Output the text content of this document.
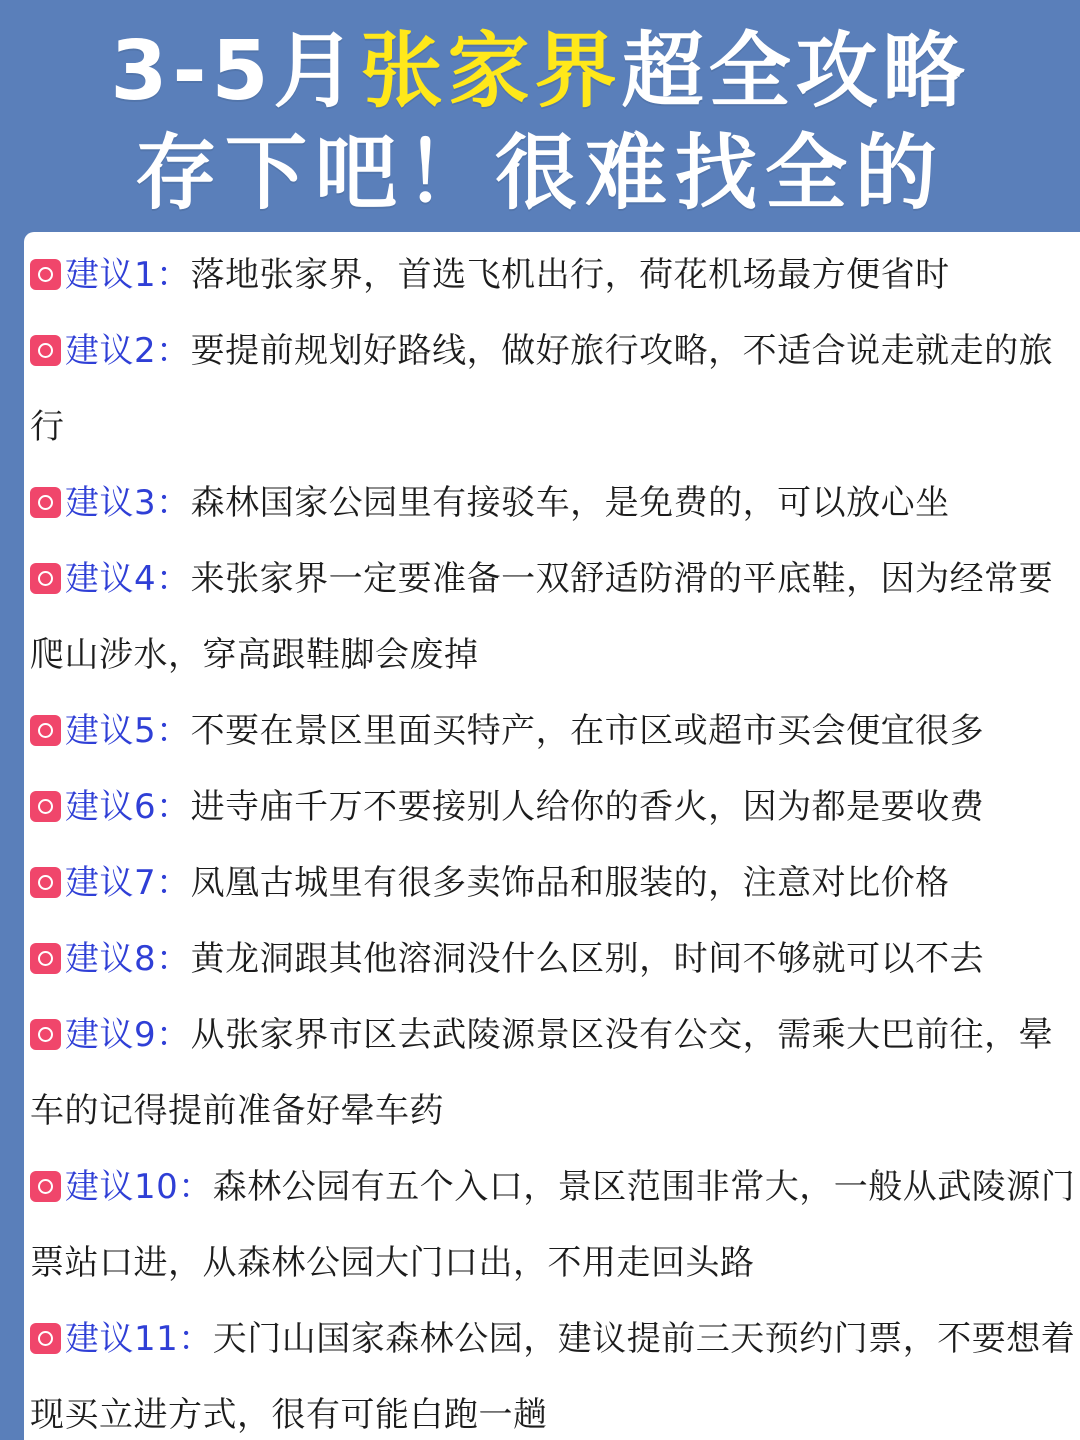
3-5月张家界超全攻略
存下吧！很难找全的

建议1：落地张家界，首选飞机出行，荷花机场最方便省时

建议2：要提前规划好路线，做好旅行攻略，不适合说走就走的旅行

建议3：森林国家公园里有接驳车，是免费的，可以放心坐

建议4：来张家界一定要准备一双舒适防滑的平底鞋，因为经常要爬山涉水，穿高跟鞋脚会废掉

建议5：不要在景区里面买特产，在市区或超市买会便宜很多

建议6：进寺庙千万不要接别人给你的香火，因为都是要收费

建议7：凤凰古城里有很多卖饰品和服装的，注意对比价格

建议8：黄龙洞跟其他溶洞没什么区别，时间不够就可以不去

建议9：从张家界市区去武陵源景区没有公交，需乘大巴前往，晕车的记得提前准备好晕车药

建议10：森林公园有五个入口，景区范围非常大，一般从武陵源门票站口进，从森林公园大门口出，不用走回头路

建议11：天门山国家森林公园，建议提前三天预约门票，不要想着现买立进方式，很有可能白跑一趟
